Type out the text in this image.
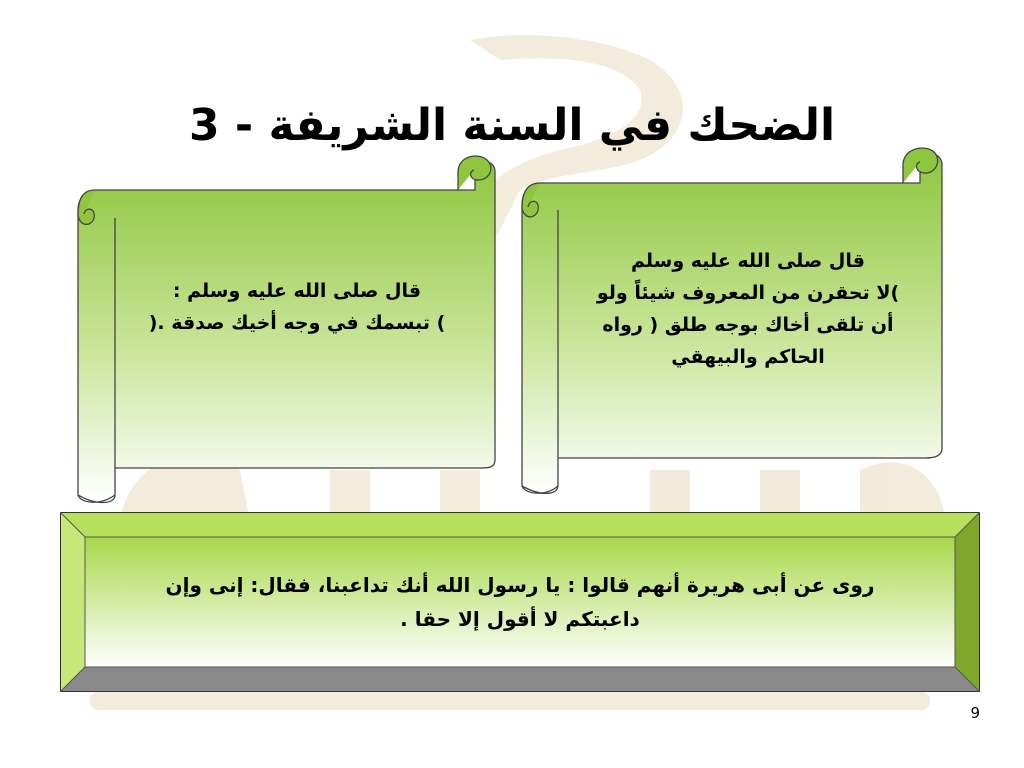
الضحك في السنة الشريفة - 3
قال صلى الله عليه وسلم :
) تبسمك في وجه أخيك صدقة .(
قال صلى الله عليه وسلم
)لا تحقرن من المعروف شيئاً ولو
أن تلقى أخاك بوجه طلق ( رواه
الحاكم والبيهقي
روى عن أبى هريرة أنهم قالوا : يا رسول الله أنك تداعبنا، فقال: إنى وإن
داعبتكم لا أقول إلا حقا .
9
